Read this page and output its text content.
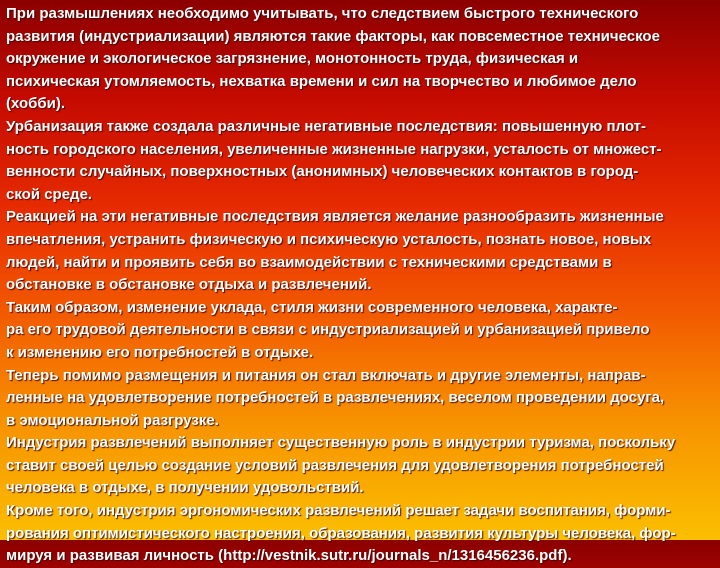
При размышлениях необходимо учитывать, что следствием быстрого технического
развития (индустриализации) являются такие факторы, как повсеместное техническое
окружение и экологическое загрязнение, монотонность труда, физическая и
психическая утомляемость, нехватка времени и сил на творчество и любимое дело
(хобби).
Урбанизация также создала различные негативные последствия: повышенную плот-
ность городского населения, увеличенные жизненные нагрузки, усталость от множест-
венности случайных, поверхностных (анонимных) человеческих контактов в город-
ской среде.
Реакцией на эти негативные последствия является желание разнообразить жизненные
впечатления, устранить физическую и психическую усталость, познать новое, новых
людей, найти и проявить себя во взаимодействии с техническими средствами в
обстановке в обстановке отдыха и развлечений.
Таким образом, изменение уклада, стиля жизни современного человека, характе-
ра его трудовой деятельности в связи с индустриализацией и урбанизацией привело
к изменению его потребностей в отдыхе.
Теперь помимо размещения и питания он стал включать и другие элементы, направ-
ленные на удовлетворение потребностей в развлечениях, веселом проведении досуга,
в эмоциональной разгрузке.
Индустрия развлечений выполняет существенную роль в индустрии туризма, поскольку
ставит своей целью создание условий развлечения для удовлетворения потребностей
человека в отдыхе, в получении удовольствий.
Кроме того, индустрия эргономических развлечений решает задачи воспитания, форми-
рования оптимистического настроения, образования, развития культуры человека, фор-
мируя и развивая личность (http://vestnik.sutr.ru/journals_n/1316456236.pdf).
